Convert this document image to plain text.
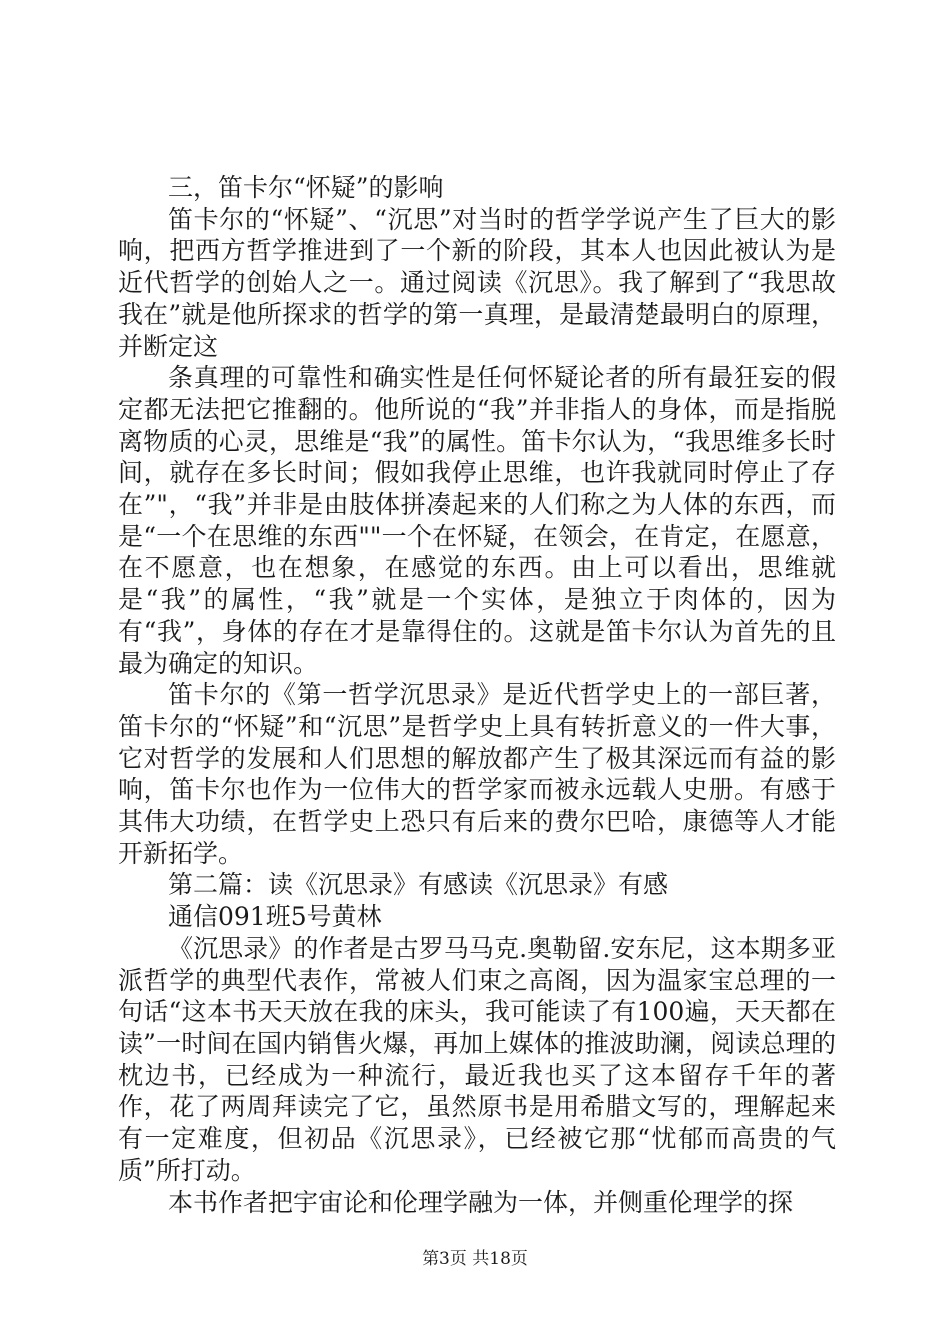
三，笛卡尔“怀疑”的影响

笛卡尔的“怀疑”、“沉思”对当时的哲学学说产生了巨大的影响，把西方哲学推进到了一个新的阶段，其本人也因此被认为是近代哲学的创始人之一。通过阅读《沉思》。我了解到了“我思故我在”就是他所探求的哲学的第一真理，是最清楚最明白的原理，并断定这

条真理的可靠性和确实性是任何怀疑论者的所有最狂妄的假定都无法把它推翻的。他所说的“我”并非指人的身体，而是指脱离物质的心灵，思维是“我”的属性。笛卡尔认为，“我思维多长时间，就存在多长时间；假如我停止思维，也许我就同时停止了存在”"，“我”并非是由肢体拼凑起来的人们称之为人体的东西，而是“一个在思维的东西""一个在怀疑，在领会，在肯定，在愿意，在不愿意，也在想象，在感觉的东西。由上可以看出，思维就是“我”的属性，“我”就是一个实体，是独立于肉体的，因为有“我”，身体的存在才是靠得住的。这就是笛卡尔认为首先的且最为确定的知识。

笛卡尔的《第一哲学沉思录》是近代哲学史上的一部巨著，笛卡尔的“怀疑”和“沉思”是哲学史上具有转折意义的一件大事，它对哲学的发展和人们思想的解放都产生了极其深远而有益的影响，笛卡尔也作为一位伟大的哲学家而被永远载人史册。有感于其伟大功绩，在哲学史上恐只有后来的费尔巴哈，康德等人才能开新拓学。

第二篇：读《沉思录》有感读《沉思录》有感

通信091班5号黄林

《沉思录》的作者是古罗马马克.奥勒留.安东尼，这本期多亚派哲学的典型代表作，常被人们束之高阁，因为温家宝总理的一句话“这本书天天放在我的床头，我可能读了有100遍，天天都在读”一时间在国内销售火爆，再加上媒体的推波助澜，阅读总理的枕边书，已经成为一种流行，最近我也买了这本留存千年的著作，花了两周拜读完了它，虽然原书是用希腊文写的，理解起来有一定难度，但初品《沉思录》，已经被它那“忧郁而高贵的气质”所打动。

本书作者把宇宙论和伦理学融为一体，并侧重伦理学的探

第3页 共18页
